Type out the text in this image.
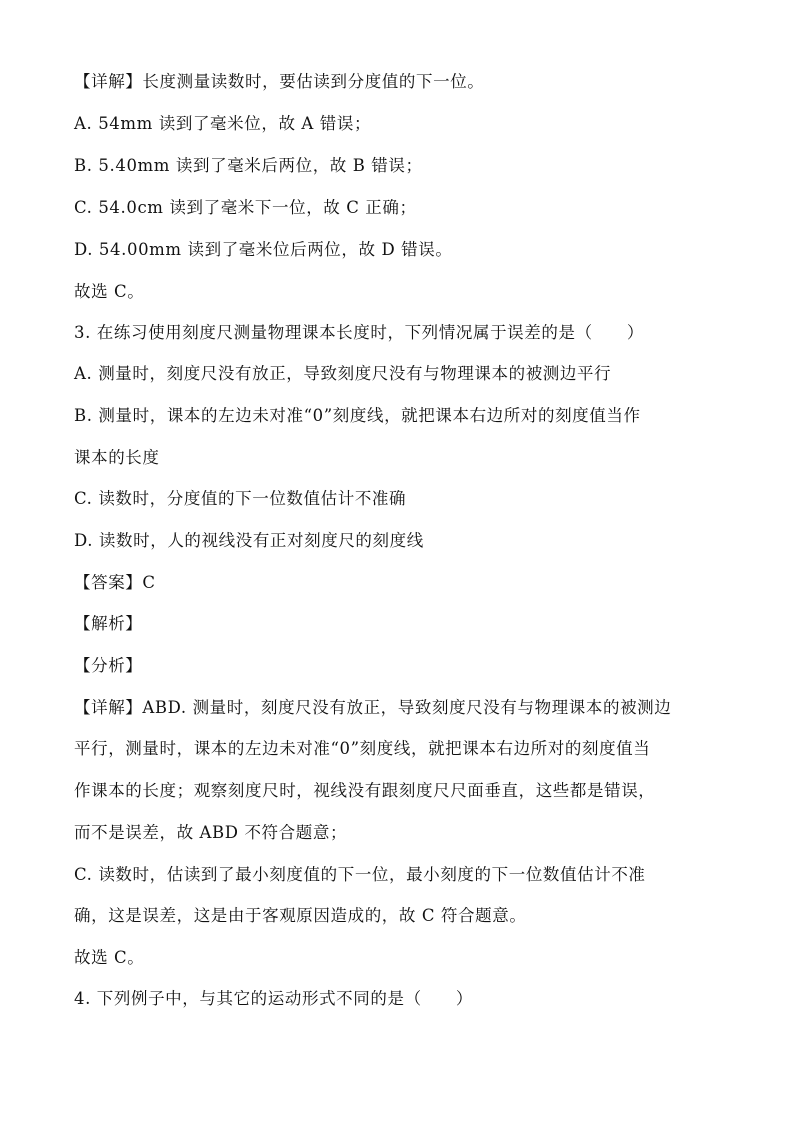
【详解】长度测量读数时，要估读到分度值的下一位。
A. 54mm 读到了毫米位，故 A 错误；
B. 5.40mm 读到了毫米后两位，故 B 错误；
C. 54.0cm 读到了毫米下一位，故 C 正确；
D. 54.00mm 读到了毫米位后两位，故 D 错误。
故选 C。
3. 在练习使用刻度尺测量物理课本长度时，下列情况属于误差的是（　　）
A. 测量时，刻度尺没有放正，导致刻度尺没有与物理课本的被测边平行
B. 测量时，课本的左边未对准“0”刻度线，就把课本右边所对的刻度值当作
课本的长度
C. 读数时，分度值的下一位数值估计不准确
D. 读数时，人的视线没有正对刻度尺的刻度线
【答案】C
【解析】
【分析】
【详解】ABD. 测量时，刻度尺没有放正，导致刻度尺没有与物理课本的被测边
平行，测量时，课本的左边未对准“0”刻度线，就把课本右边所对的刻度值当
作课本的长度；观察刻度尺时，视线没有跟刻度尺尺面垂直，这些都是错误，
而不是误差，故 ABD 不符合题意；
C. 读数时，估读到了最小刻度值的下一位，最小刻度的下一位数值估计不准
确，这是误差，这是由于客观原因造成的，故 C 符合题意。
故选 C。
4. 下列例子中，与其它的运动形式不同的是（　　）
